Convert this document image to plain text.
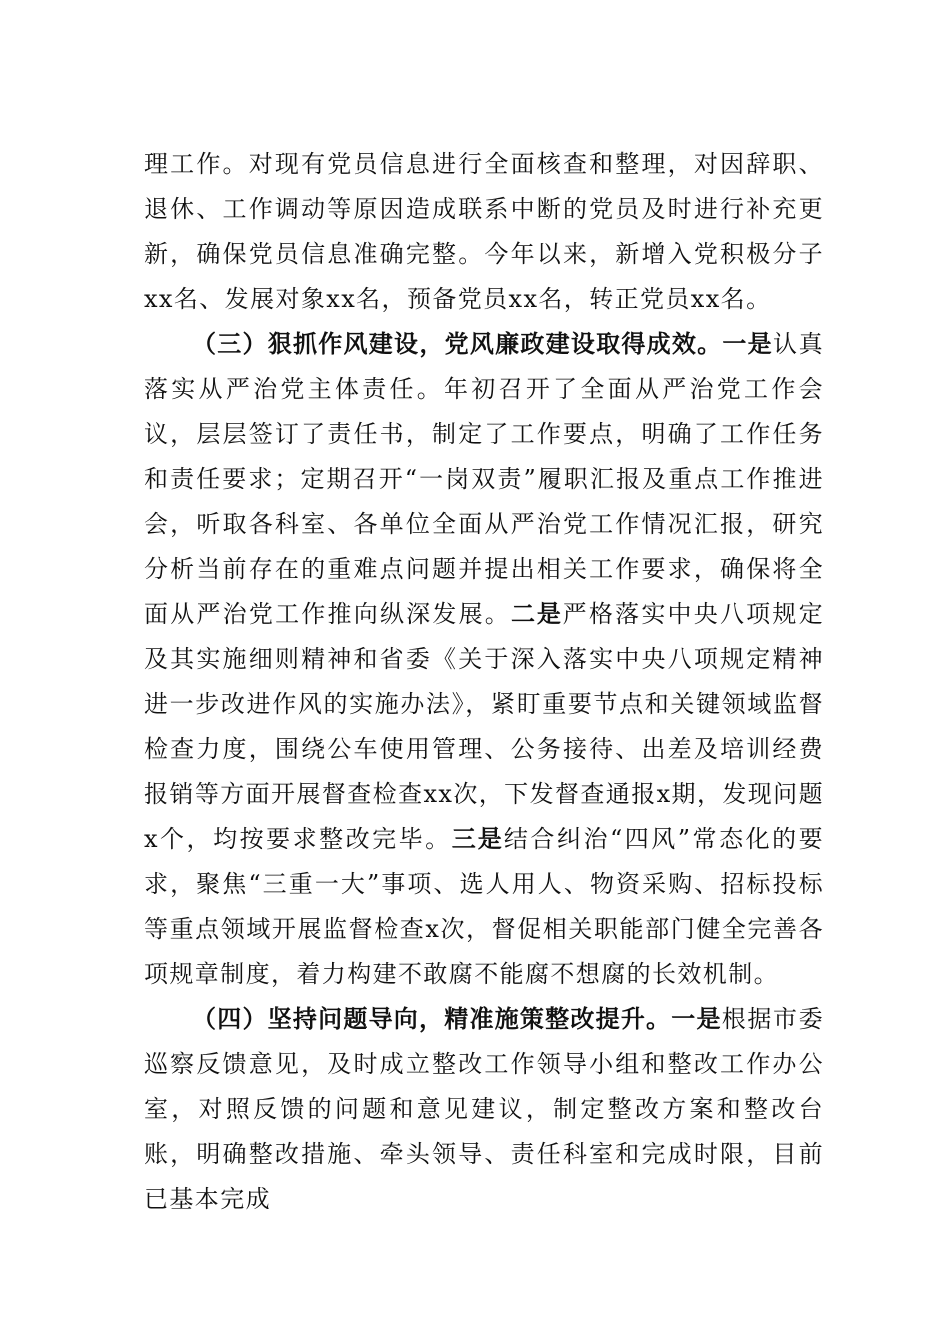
理工作。对现有党员信息进行全面核查和整理，对因辞职、退休、工作调动等原因造成联系中断的党员及时进行补充更新，确保党员信息准确完整。今年以来，新增入党积极分子xx名、发展对象xx名，预备党员xx名，转正党员xx名。

（三）狠抓作风建设，党风廉政建设取得成效。一是认真落实从严治党主体责任。年初召开了全面从严治党工作会议，层层签订了责任书，制定了工作要点，明确了工作任务和责任要求；定期召开“一岗双责”履职汇报及重点工作推进会，听取各科室、各单位全面从严治党工作情况汇报，研究分析当前存在的重难点问题并提出相关工作要求，确保将全面从严治党工作推向纵深发展。二是严格落实中央八项规定及其实施细则精神和省委《关于深入落实中央八项规定精神进一步改进作风的实施办法》，紧盯重要节点和关键领域监督检查力度，围绕公车使用管理、公务接待、出差及培训经费报销等方面开展督查检查xx次，下发督查通报x期，发现问题x个，均按要求整改完毕。三是结合纠治“四风”常态化的要求，聚焦“三重一大”事项、选人用人、物资采购、招标投标等重点领域开展监督检查x次，督促相关职能部门健全完善各项规章制度，着力构建不敢腐不能腐不想腐的长效机制。

（四）坚持问题导向，精准施策整改提升。一是根据市委巡察反馈意见，及时成立整改工作领导小组和整改工作办公室，对照反馈的问题和意见建议，制定整改方案和整改台账，明确整改措施、牵头领导、责任科室和完成时限，目前已基本完成
